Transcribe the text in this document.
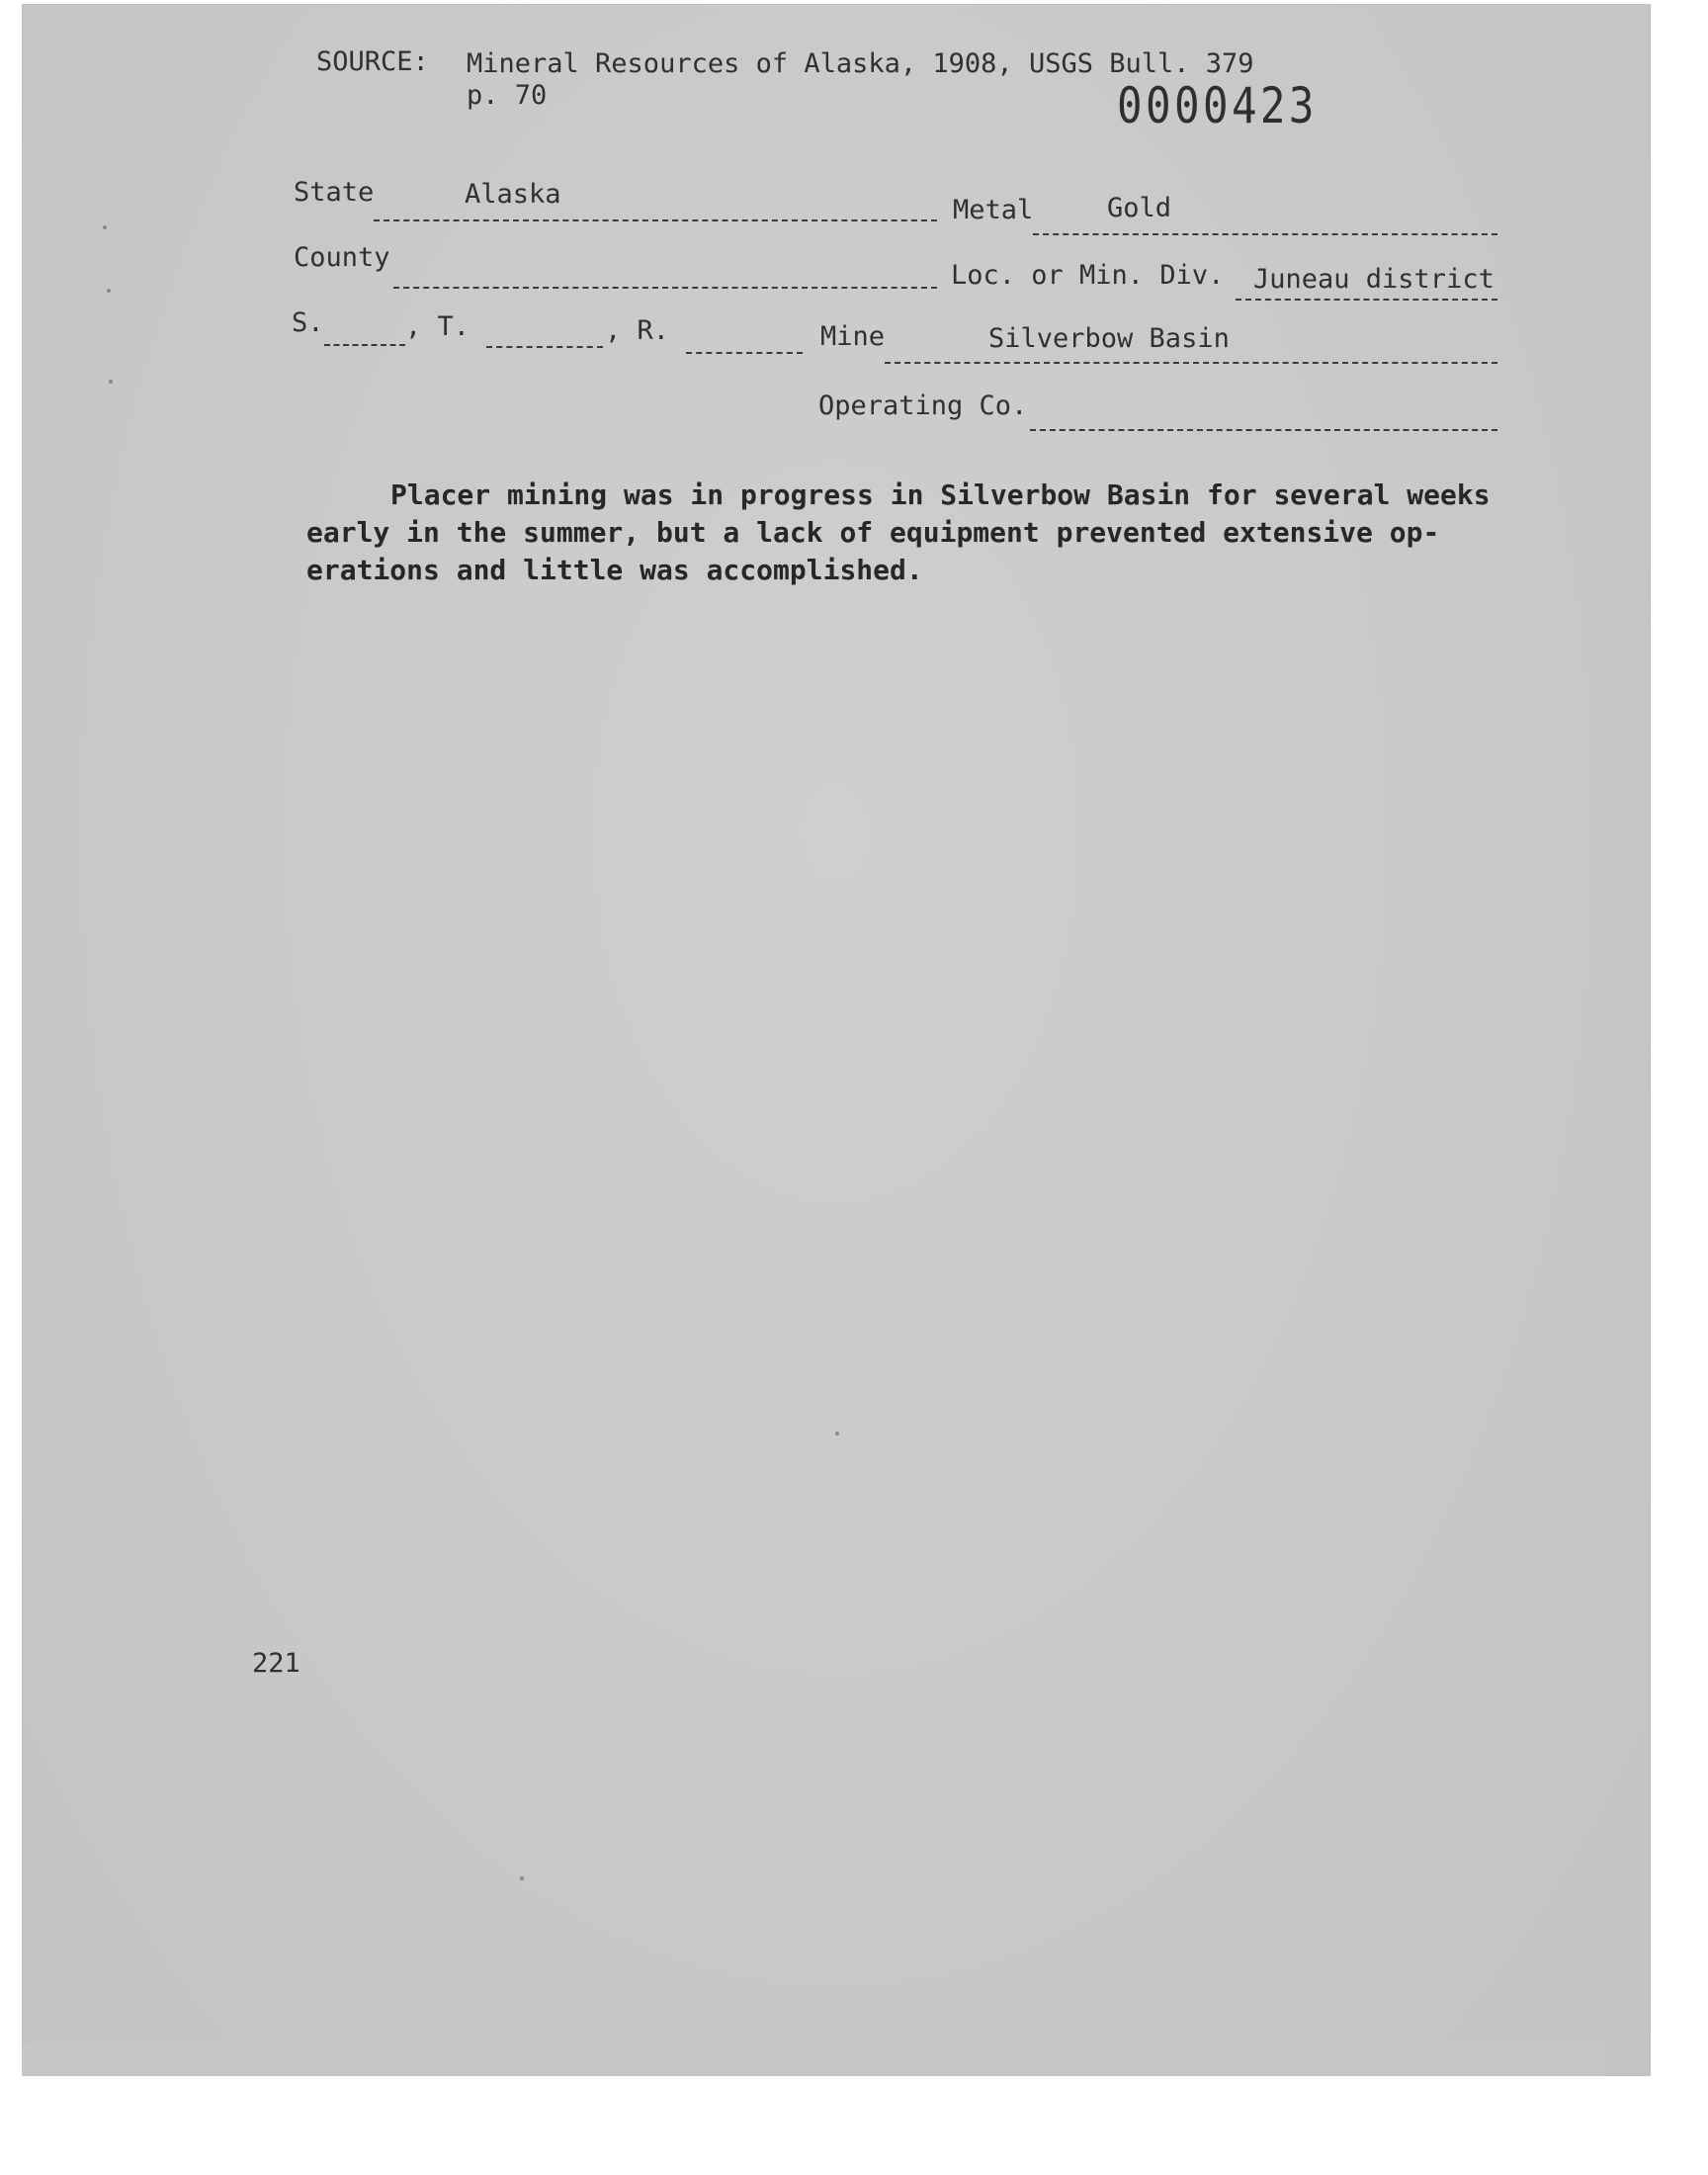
SOURCE: Mineral Resources of Alaska, 1908, USGS Bull. 379
p. 70	0000423
State	Alaska
Metal	Gold
County
Loc. or Min. Div. Juneau district
S.	, T.	, R.	Mine	Silverbow Basin
Operating Co.
Placer mining was in progress in Silverbow Basin for several weeks
early in the summer, but a lack of equipment prevented extensive op-
erations and little was accomplished.
221
